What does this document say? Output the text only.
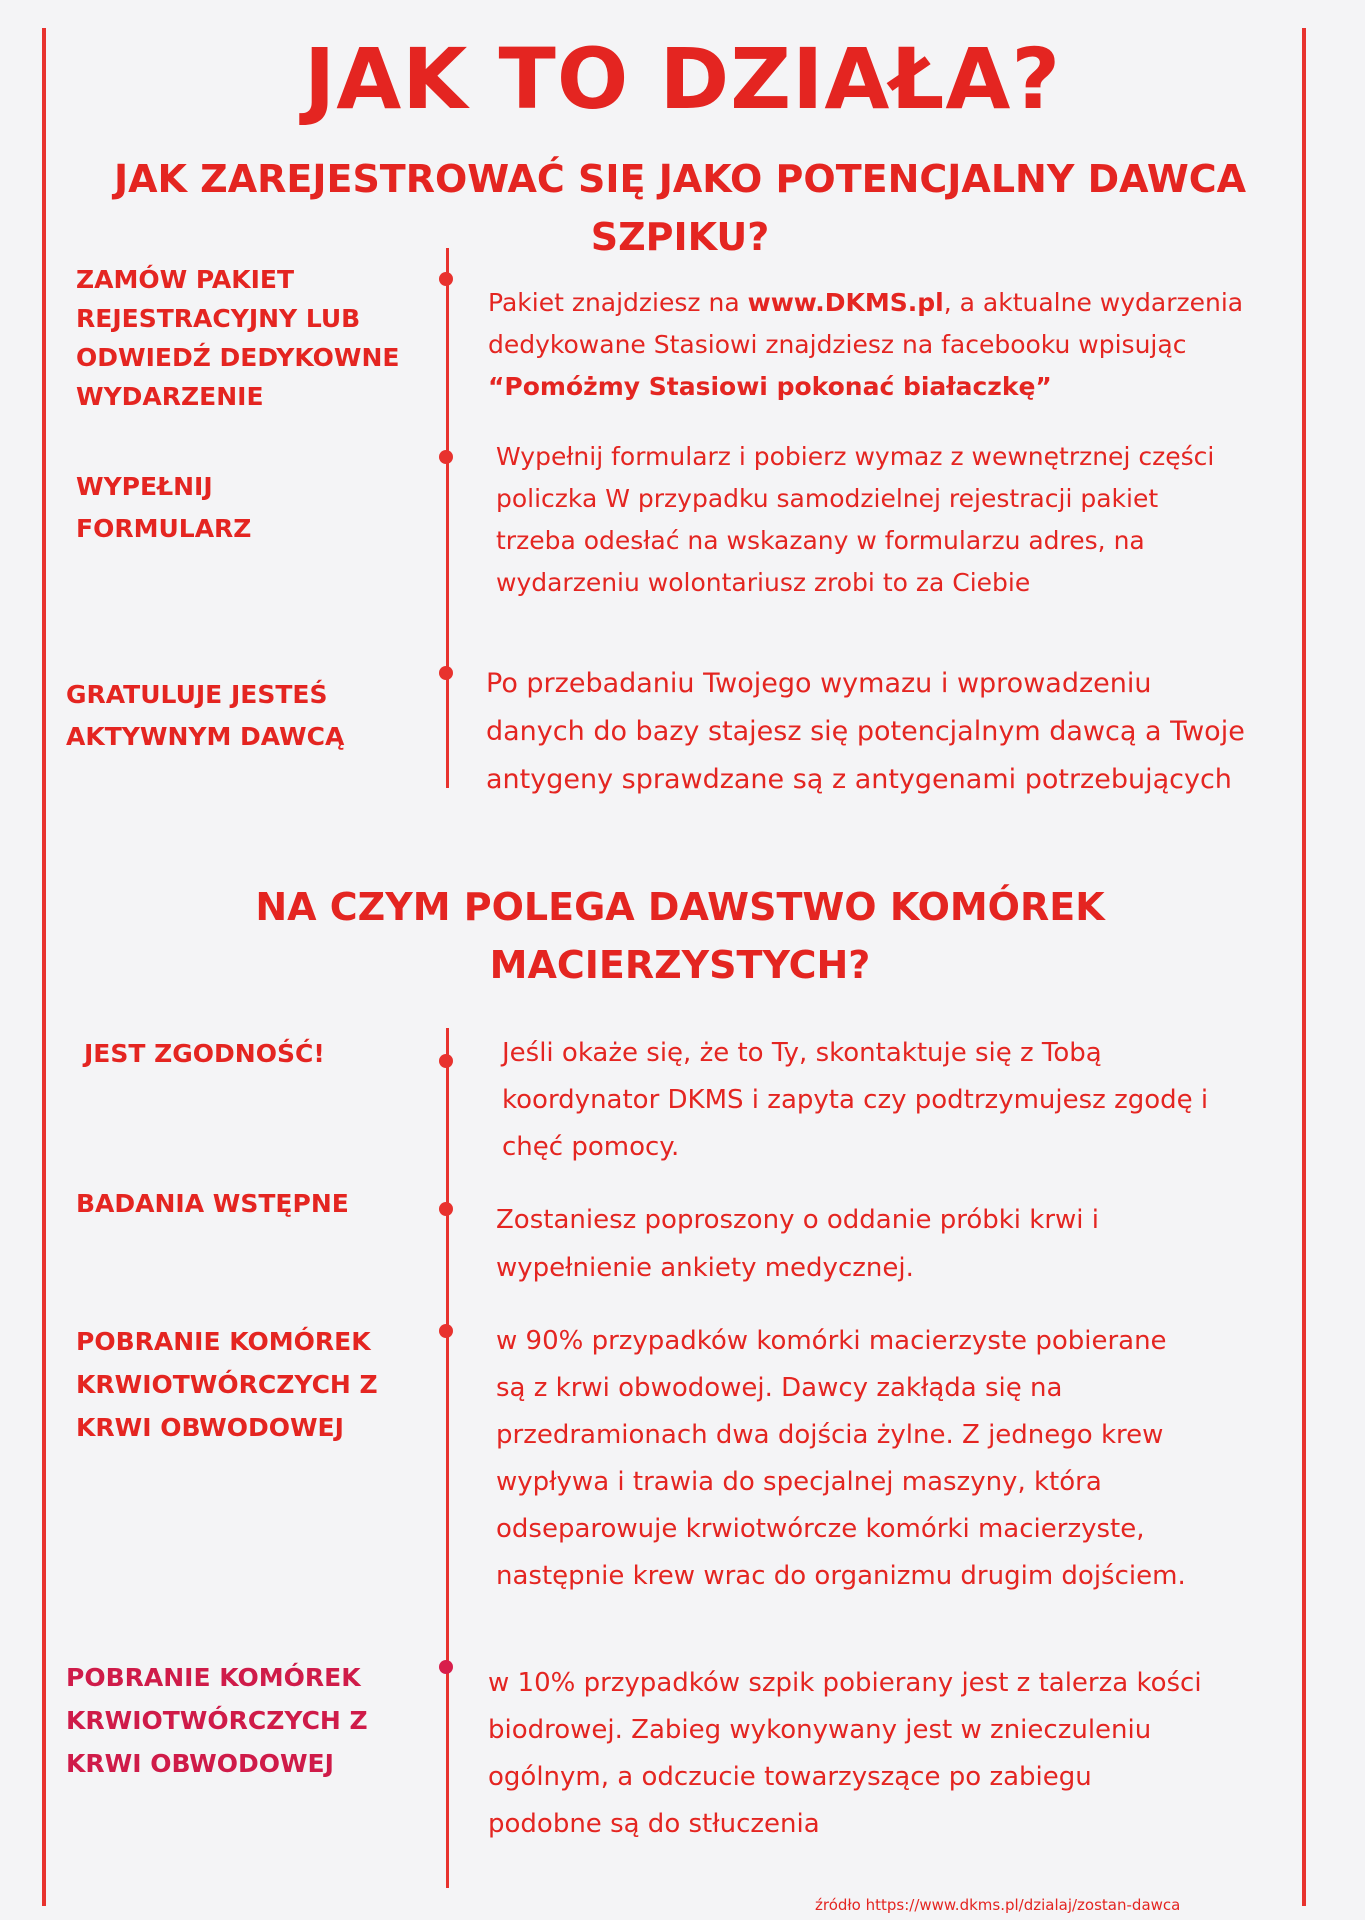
JAK TO DZIAŁA?
JAK ZAREJESTROWAĆ SIĘ JAKO POTENCJALNY DAWCA
SZPIKU?
ZAMÓW PAKIET
REJESTRACYJNY LUB
ODWIEDŹ DEDYKOWNE
WYDARZENIE
Pakiet znajdziesz na www.DKMS.pl, a aktualne wydarzenia dedykowane Stasiowi znajdziesz na facebooku wpisując
“Pomóżmy Stasiowi pokonać białaczkę”
WYPEŁNIJ
FORMULARZ
Wypełnij formularz i pobierz wymaz z wewnętrznej części policzka W przypadku samodzielnej rejestracji pakiet trzeba odesłać na wskazany w formularzu adres, na wydarzeniu wolontariusz zrobi to za Ciebie
GRATULUJE JESTEŚ
AKTYWNYM DAWCĄ
Po przebadaniu Twojego wymazu i wprowadzeniu danych do bazy stajesz się potencjalnym dawcą a Twoje antygeny sprawdzane są z antygenami potrzebujących
NA CZYM POLEGA DAWSTWO KOMÓREK
MACIERZYSTYCH?
JEST ZGODNOŚĆ!	Jeśli okaże się, że to Ty, skontaktuje się z Tobą koordynator DKMS i zapyta czy podtrzymujesz zgodę i chęć pomocy.
BADANIA WSTĘPNE
Zostaniesz poproszony o oddanie próbki krwi i wypełnienie ankiety medycznej.
POBRANIE KOMÓREK
KRWIOTWÓRCZYCH Z
KRWI OBWODOWEJ
w 90% przypadków komórki macierzyste pobierane są z krwi obwodowej. Dawcy zakłąda się na przedramionach dwa dojścia żylne. Z jednego krew wypływa i trawia do specjalnej maszyny, która odseparowuje krwiotwórcze komórki macierzyste, następnie krew wrac do organizmu drugim dojściem.
POBRANIE KOMÓREK
KRWIOTWÓRCZYCH Z
KRWI OBWODOWEJ
w 10% przypadków szpik pobierany jest z talerza kości biodrowej. Zabieg wykonywany jest w znieczuleniu ogólnym, a odczucie towarzyszące po zabiegu podobne są do stłuczenia
źródło https://www.dkms.pl/dzialaj/zostan-dawca
